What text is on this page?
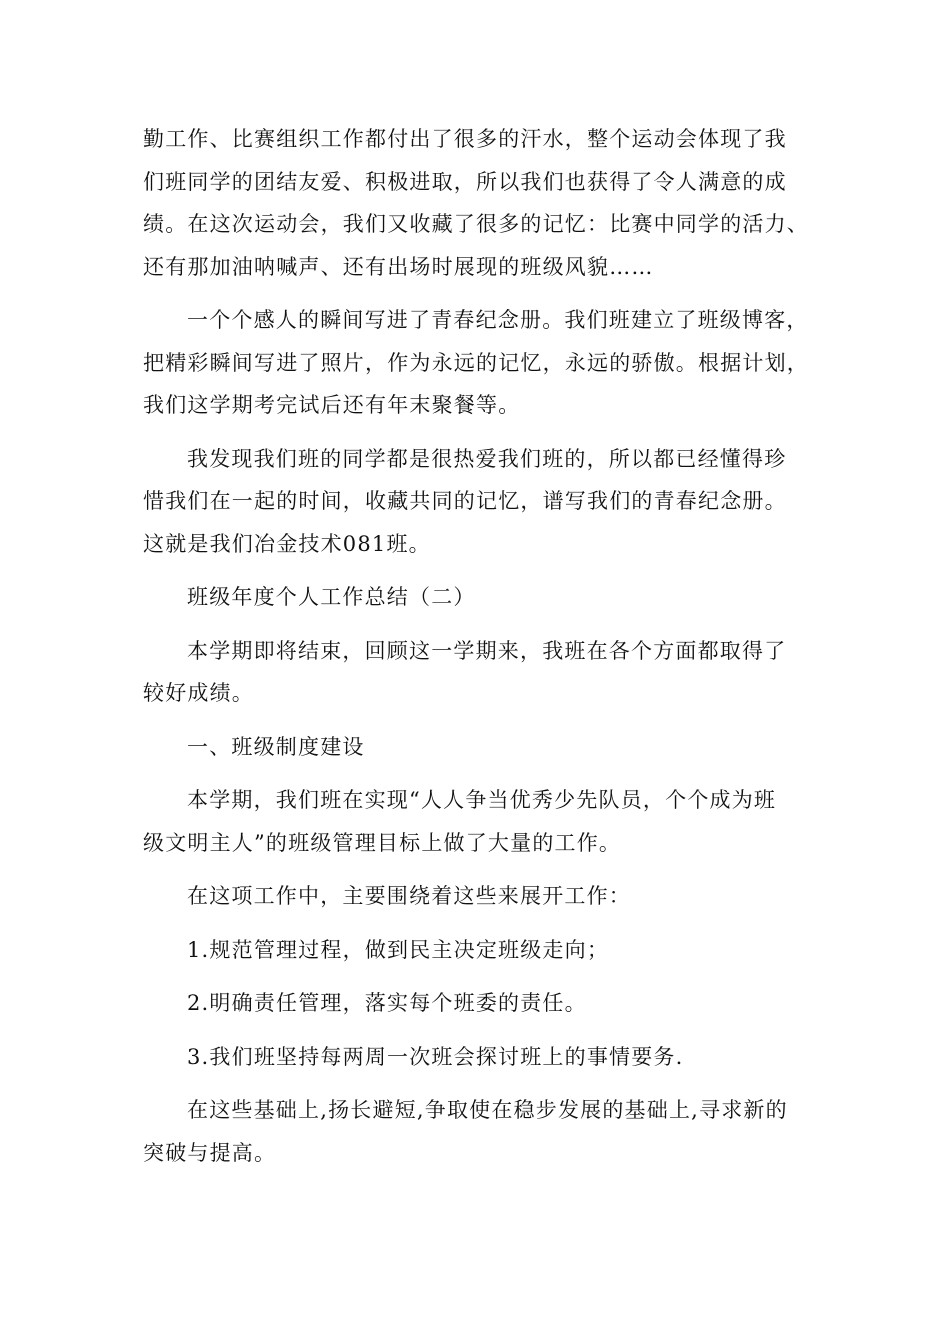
勤工作、比赛组织工作都付出了很多的汗水，整个运动会体现了我
们班同学的团结友爱、积极进取，所以我们也获得了令人满意的成
绩。在这次运动会，我们又收藏了很多的记忆：比赛中同学的活力、
还有那加油呐喊声、还有出场时展现的班级风貌……

一个个感人的瞬间写进了青春纪念册。我们班建立了班级博客，
把精彩瞬间写进了照片，作为永远的记忆，永远的骄傲。根据计划，
我们这学期考完试后还有年末聚餐等。

我发现我们班的同学都是很热爱我们班的，所以都已经懂得珍
惜我们在一起的时间，收藏共同的记忆，谱写我们的青春纪念册。
这就是我们冶金技术081班。

班级年度个人工作总结（二）

本学期即将结束，回顾这一学期来，我班在各个方面都取得了
较好成绩。

一、班级制度建设

本学期，我们班在实现“人人争当优秀少先队员，个个成为班
级文明主人”的班级管理目标上做了大量的工作。

在这项工作中，主要围绕着这些来展开工作：

1.规范管理过程，做到民主决定班级走向；

2.明确责任管理，落实每个班委的责任。

3.我们班坚持每两周一次班会探讨班上的事情要务.

在这些基础上,扬长避短,争取使在稳步发展的基础上,寻求新的
突破与提高。
